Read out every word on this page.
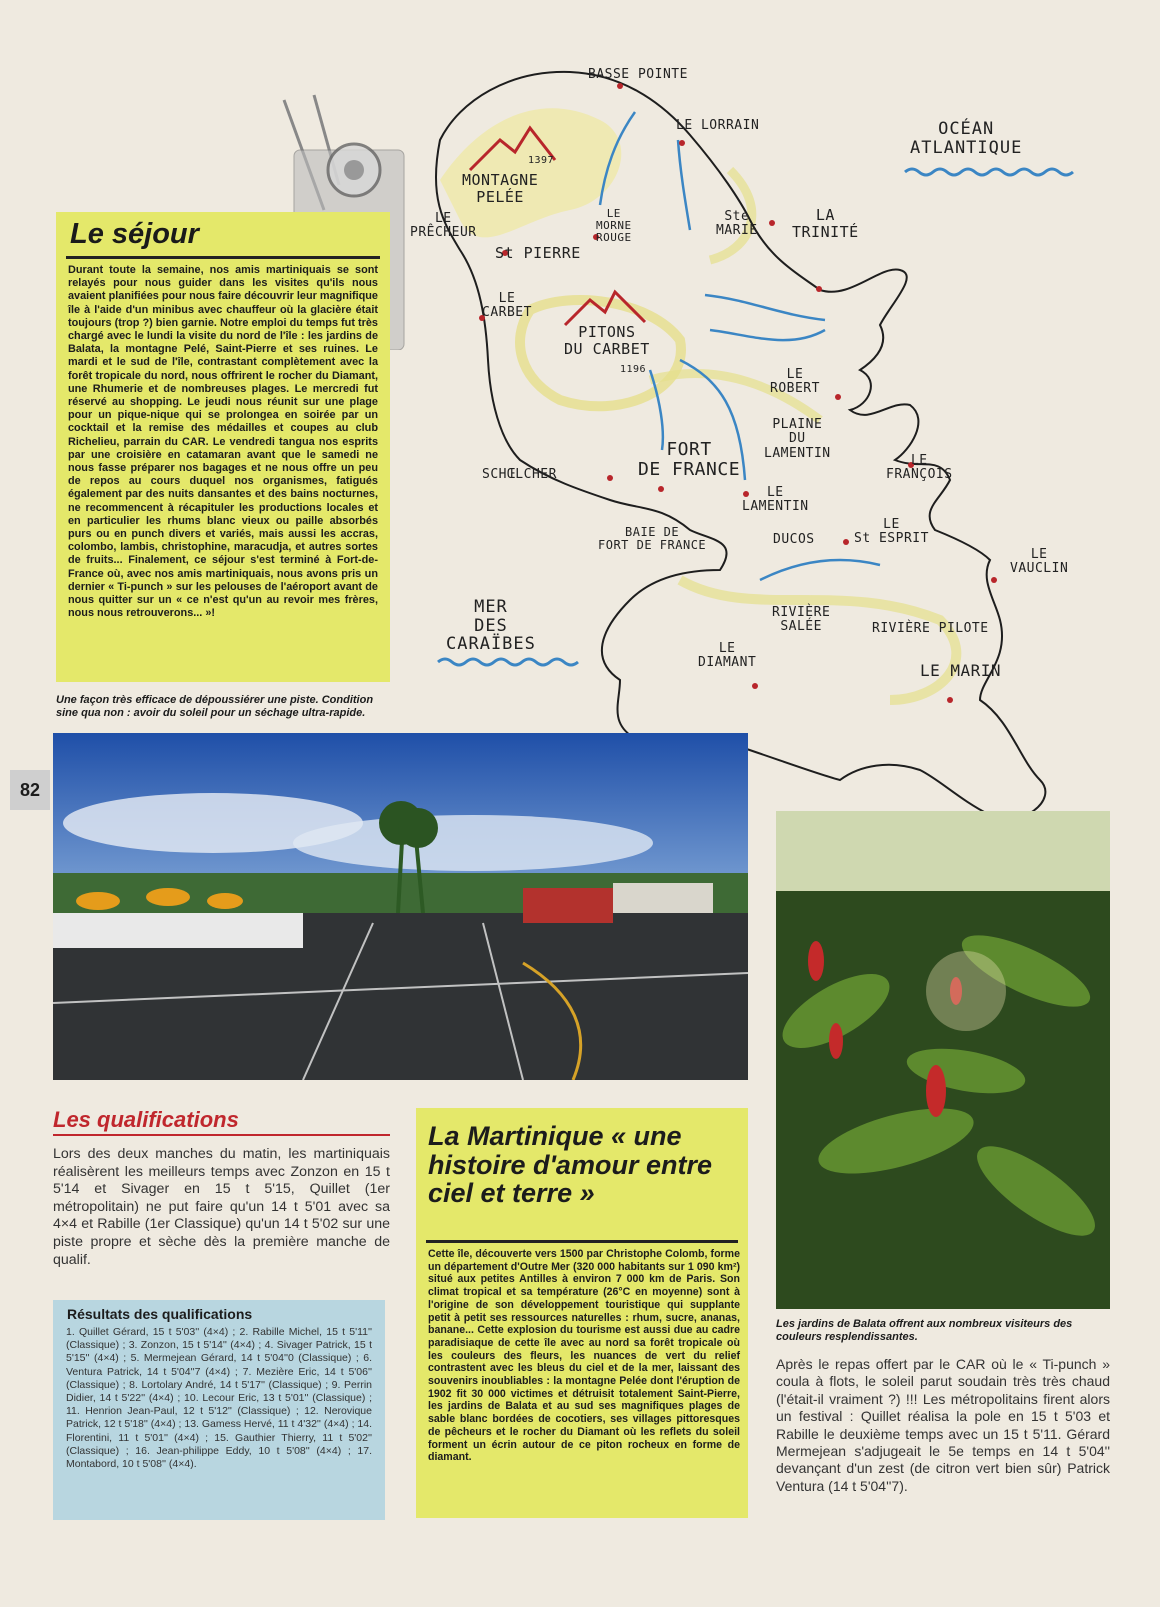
OCÉAN
ATLANTIQUE
MER
DES
CARAÏBES
BASSE POINTE
LE LORRAIN
MONTAGNE
PELÉE
1397
LE
PRÊCHEUR
LE
MORNE
ROUGE
Ste
MARIE
LA
TRINITÉ
St PIERRE
LE
CARBET
PITONS
DU CARBET
1196	LE
ROBERT
PLAINE
DU
LAMENTIN
FORT
DE FRANCE
SCHŒLCHER
LE
FRANÇOIS
LE
LAMENTIN
BAIE DE
FORT DE FRANCE	DUCOS
LE
St ESPRIT
LE
VAUCLIN
RIVIÈRE
SALÉE	RIVIÈRE PILOTE
LE
DIAMANT	LE MARIN
Le séjour

Durant toute la semaine, nos amis martiniquais se sont relayés pour nous guider dans les visites qu'ils nous avaient planifiées pour nous faire découvrir leur magnifique île à l'aide d'un minibus avec chauffeur où la glacière était toujours (trop ?) bien garnie. Notre emploi du temps fut très chargé avec le lundi la visite du nord de l'île : les jardins de Balata, la montagne Pelé, Saint-Pierre et ses ruines. Le mardi et le sud de l'île, contrastant complètement avec la forêt tropicale du nord, nous offrirent le rocher du Diamant, une Rhumerie et de nombreuses plages. Le mercredi fut réservé au shopping. Le jeudi nous réunit sur une plage pour un pique-nique qui se prolongea en soirée par un cocktail et la remise des médailles et coupes au club Richelieu, parrain du CAR. Le vendredi tangua nos esprits par une croisière en catamaran avant que le samedi ne nous fasse préparer nos bagages et ne nous offre un peu de repos au cours duquel nos organismes, fatigués également par des nuits dansantes et des bains nocturnes, ne recommencent à récapituler les productions locales et en particulier les rhums blanc vieux ou paille absorbés purs ou en punch divers et variés, mais aussi les accras, colombo, lambis, christophine, maracudja, et autres sortes de fruits... Finalement, ce séjour s'est terminé à Fort-de-France où, avec nos amis martiniquais, nous avons pris un dernier « Ti-punch » sur les pelouses de l'aéroport avant de nous quitter sur un « ce n'est qu'un au revoir mes frères, nous nous retrouverons... »!

Une façon très efficace de dépoussiérer une piste. Condition sine qua non : avoir du soleil pour un séchage ultra-rapide.
82
Les qualifications
Lors des deux manches du matin, les martiniquais réalisèrent les meilleurs temps avec Zonzon en 15 t 5'14 et Sivager en 15 t 5'15, Quillet (1er métropolitain) ne put faire qu'un 14 t 5'01 avec sa 4×4 et Rabille (1er Classique) qu'un 14 t 5'02 sur une piste propre et sèche dès la première manche de qualif.
Résultats des qualifications

1. Quillet Gérard, 15 t 5'03'' (4×4) ; 2. Rabille Michel, 15 t 5'11'' (Classique) ; 3. Zonzon, 15 t 5'14'' (4×4) ; 4. Sivager Patrick, 15 t 5'15'' (4×4) ; 5. Mermejean Gérard, 14 t 5'04''0 (Classique) ; 6. Ventura Patrick, 14 t 5'04''7 (4×4) ; 7. Mezière Eric, 14 t 5'06'' (Classique) ; 8. Lortolary André, 14 t 5'17'' (Classique) ; 9. Perrin Didier, 14 t 5'22'' (4×4) ; 10. Lecour Eric, 13 t 5'01'' (Classique) ; 11. Henrion Jean-Paul, 12 t 5'12'' (Classique) ; 12. Nerovique Patrick, 12 t 5'18'' (4×4) ; 13. Gamess Hervé, 11 t 4'32'' (4×4) ; 14. Florentini, 11 t 5'01'' (4×4) ; 15. Gauthier Thierry, 11 t 5'02'' (Classique) ; 16. Jean-philippe Eddy, 10 t 5'08'' (4×4) ; 17. Montabord, 10 t 5'08'' (4×4).

La Martinique « une histoire d'amour entre ciel et terre »

Cette île, découverte vers 1500 par Christophe Colomb, forme un département d'Outre Mer (320 000 habitants sur 1 090 km²) situé aux petites Antilles à environ 7 000 km de Paris. Son climat tropical et sa température (26°C en moyenne) sont à l'origine de son développement touristique qui supplante petit à petit ses ressources naturelles : rhum, sucre, ananas, banane... Cette explosion du tourisme est aussi due au cadre paradisiaque de cette île avec au nord sa forêt tropicale où les couleurs des fleurs, les nuances de vert du relief contrastent avec les bleus du ciel et de la mer, laissant des souvenirs inoubliables : la montagne Pelée dont l'éruption de 1902 fit 30 000 victimes et détruisit totalement Saint-Pierre, les jardins de Balata et au sud ses magnifiques plages de sable blanc bordées de cocotiers, ses villages pittoresques de pêcheurs et le rocher du Diamant où les reflets du soleil forment un écrin autour de ce piton rocheux en forme de diamant.

Les jardins de Balata offrent aux nombreux visiteurs des couleurs resplendissantes.
Après le repas offert par le CAR où le « Ti-punch » coula à flots, le soleil parut soudain très très chaud (l'était-il vraiment ?) !!! Les métropolitains firent alors un festival : Quillet réalisa la pole en 15 t 5'03 et Rabille le deuxième temps avec un 15 t 5'11. Gérard Mermejean s'adjugeait le 5e temps en 14 t 5'04'' devançant d'un zest (de citron vert bien sûr) Patrick Ventura (14 t 5'04''7).
